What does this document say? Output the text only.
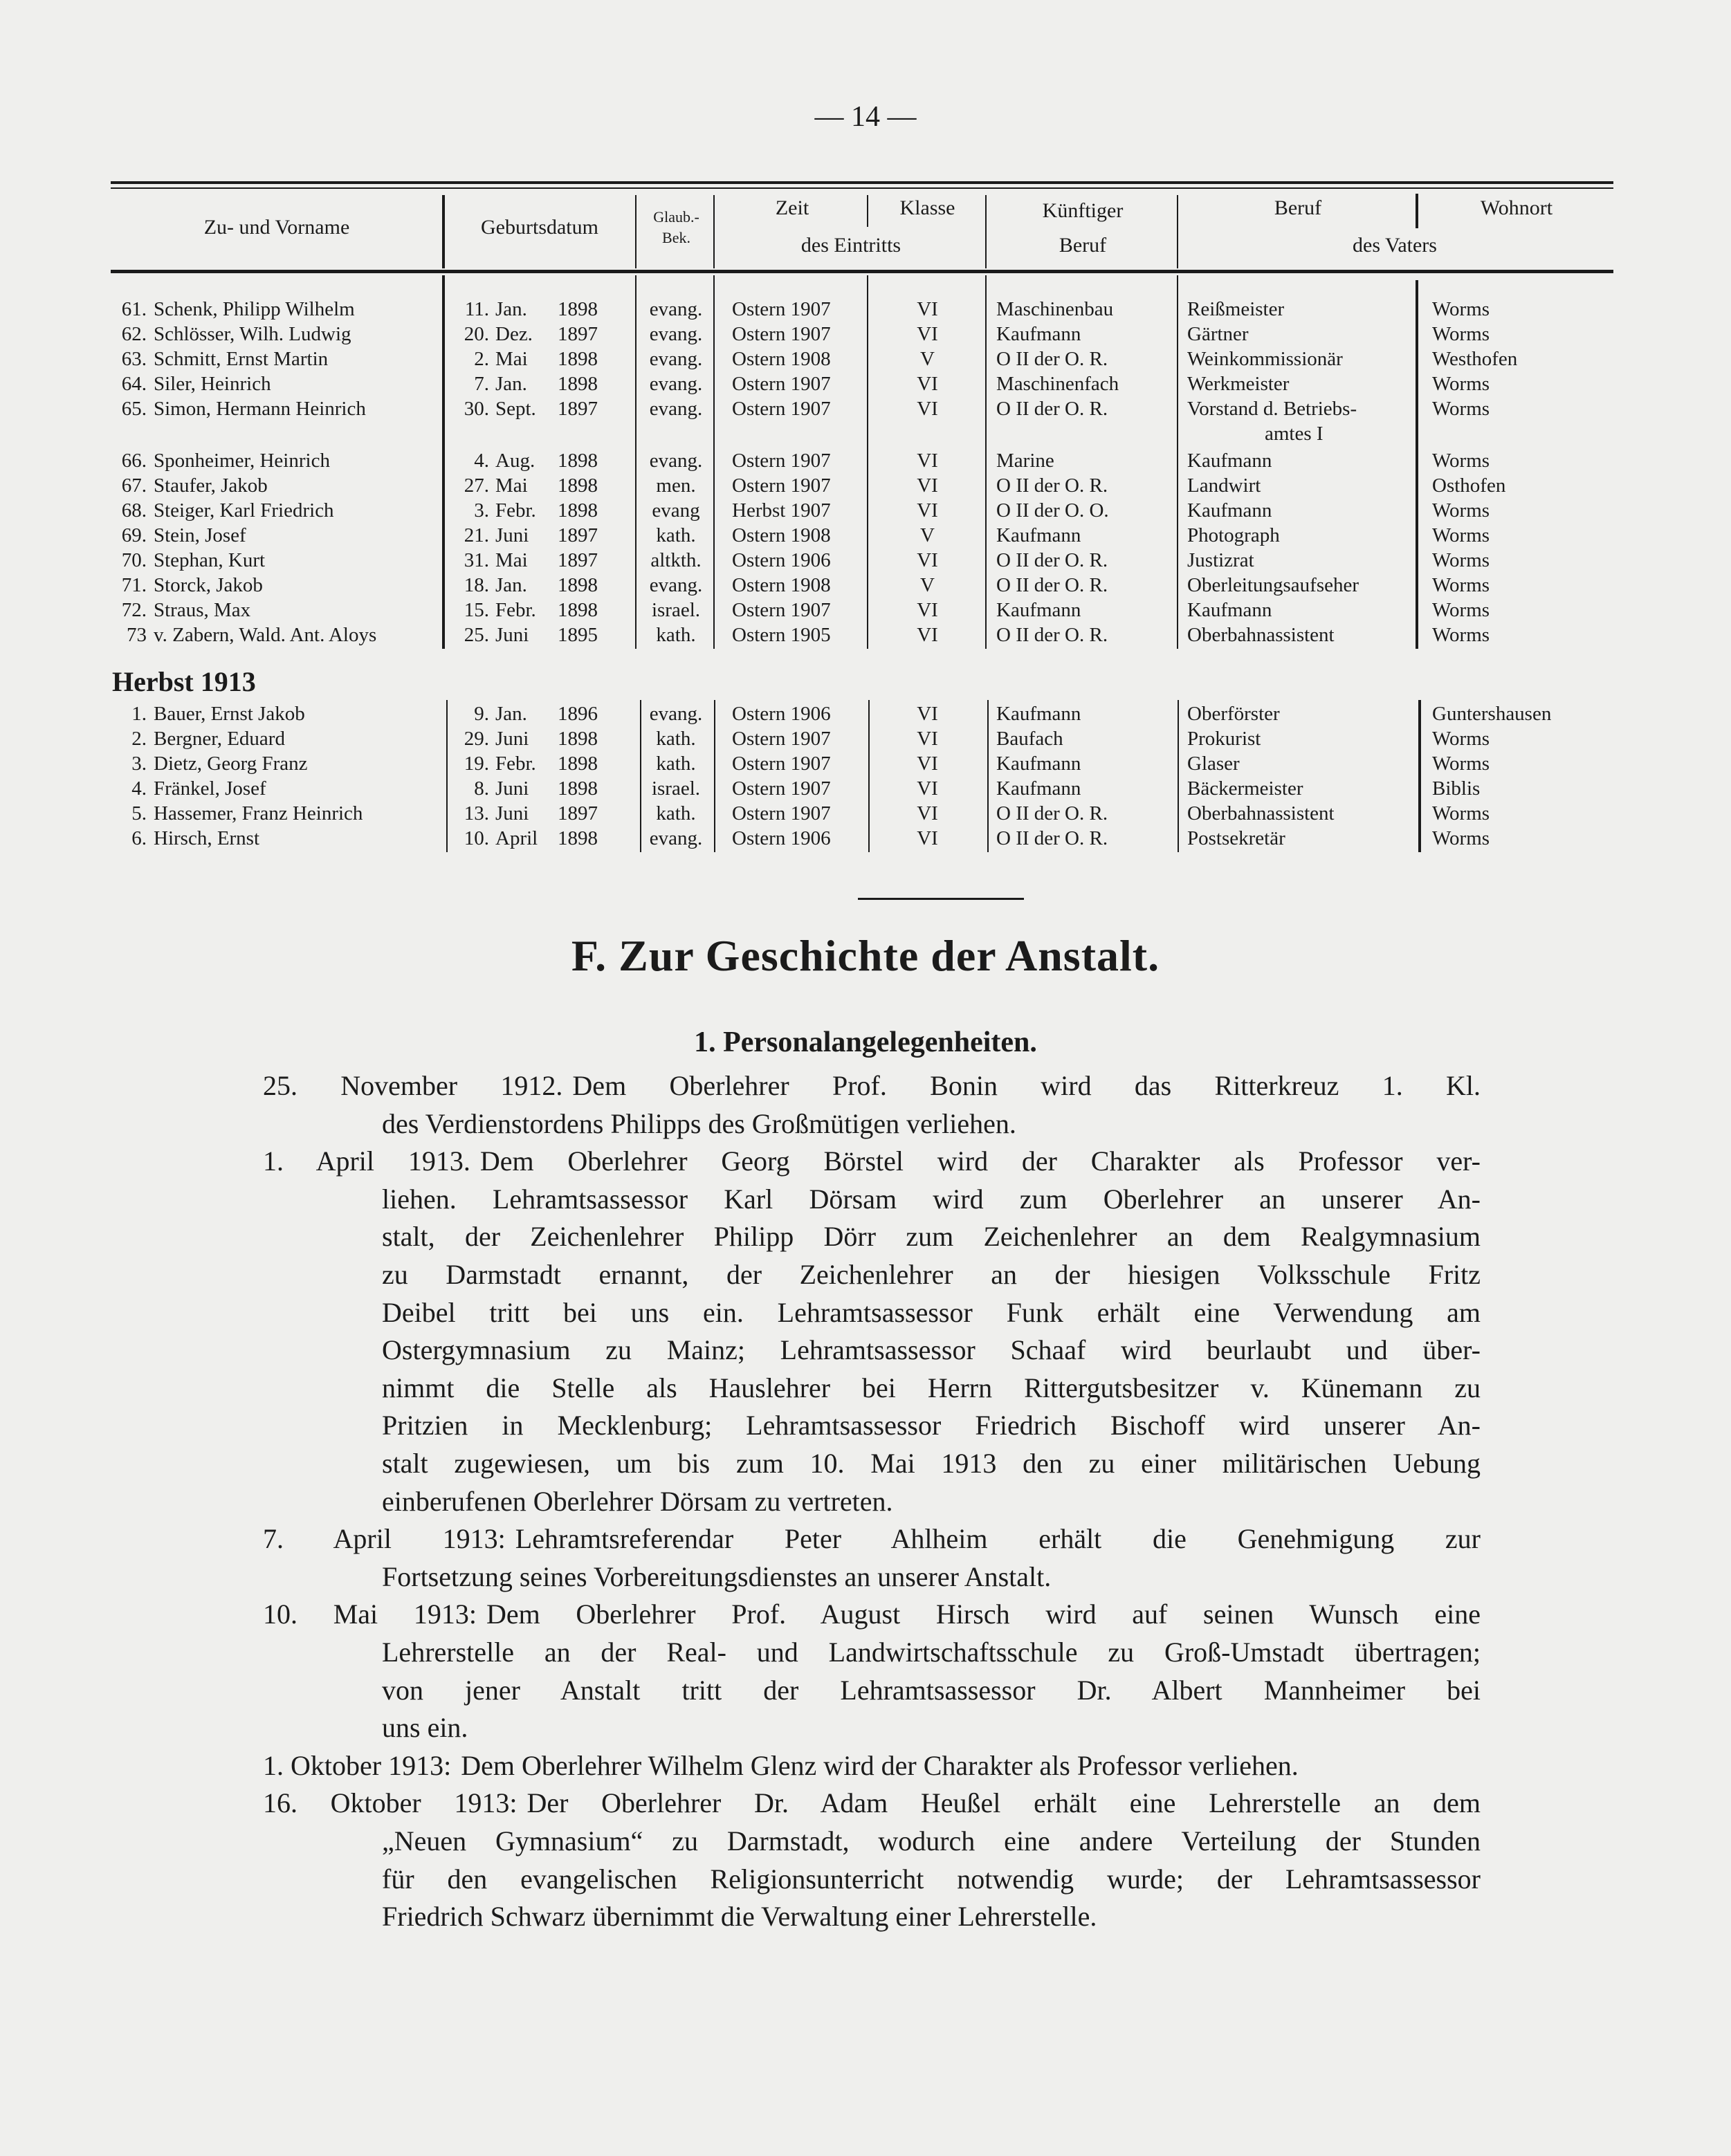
— 14 —
Zu- und Vorname	Geburtsdatum	Glaub.-
Bek.
Zeit	Klasse
des Eintritts
Künftiger
Beruf
Beruf	Wohnort
des Vaters
61. Schenk, Philipp Wilhelm	11. Jan.	1898	evang.	Ostern 1907	VI	Maschinenbau	Reißmeister	Worms
62. Schlösser, Wilh. Ludwig	20. Dez.	1897	evang.	Ostern 1907	VI	Kaufmann	Gärtner	Worms
63. Schmitt, Ernst Martin	2. Mai	1898	evang.	Ostern 1908	V	O II der O. R.	Weinkommissionär	Westhofen
64. Siler, Heinrich	7. Jan.	1898	evang.	Ostern 1907	VI	Maschinenfach	Werkmeister	Worms
65. Simon, Hermann Heinrich	30. Sept.	1897	evang.	Ostern 1907	VI	O II der O. R.	Vorstand d. Betriebs-	Worms
amtes I
66. Sponheimer, Heinrich	4. Aug.	1898	evang.	Ostern 1907	VI	Marine	Kaufmann	Worms
67. Staufer, Jakob	27. Mai	1898	men.	Ostern 1907	VI	O II der O. R.	Landwirt	Osthofen
68. Steiger, Karl Friedrich	3. Febr.	1898	evang	Herbst 1907	VI	O II der O. O.	Kaufmann	Worms
69. Stein, Josef	21. Juni	1897	kath.	Ostern 1908	V	Kaufmann	Photograph	Worms
70. Stephan, Kurt	31. Mai	1897	altkth.	Ostern 1906	VI	O II der O. R.	Justizrat	Worms
71. Storck, Jakob	18. Jan.	1898	evang.	Ostern 1908	V	O II der O. R.	Oberleitungsaufseher	Worms
72. Straus, Max	15. Febr.	1898	israel.	Ostern 1907	VI	Kaufmann	Kaufmann	Worms
73 v. Zabern, Wald. Ant. Aloys	25. Juni	1895	kath.	Ostern 1905	VI	O II der O. R.	Oberbahnassistent	Worms
Herbst 1913
1. Bauer, Ernst Jakob	9. Jan.	1896	evang.	Ostern 1906	VI	Kaufmann	Oberförster	Guntershausen
2. Bergner, Eduard	29. Juni	1898	kath.	Ostern 1907	VI	Baufach	Prokurist	Worms
3. Dietz, Georg Franz	19. Febr.	1898	kath.	Ostern 1907	VI	Kaufmann	Glaser	Worms
4. Fränkel, Josef	8. Juni	1898	israel.	Ostern 1907	VI	Kaufmann	Bäckermeister	Biblis
5. Hassemer, Franz Heinrich	13. Juni	1897	kath.	Ostern 1907	VI	O II der O. R.	Oberbahnassistent	Worms
6. Hirsch, Ernst	10. April 1898	evang.	Ostern 1906	VI	O II der O. R.	Postsekretär	Worms
F. Zur Geschichte der Anstalt.
1. Personalangelegenheiten.
25. November 1912. Dem Oberlehrer Prof. Bonin wird das Ritterkreuz 1. Kl.
des Verdienstordens Philipps des Großmütigen verliehen.
1. April 1913. Dem Oberlehrer Georg Börstel wird der Charakter als Professor ver-
liehen. Lehramtsassessor Karl Dörsam wird zum Oberlehrer an unserer An-
stalt, der Zeichenlehrer Philipp Dörr zum Zeichenlehrer an dem Realgymnasium
zu Darmstadt ernannt, der Zeichenlehrer an der hiesigen Volksschule Fritz
Deibel tritt bei uns ein. Lehramtsassessor Funk erhält eine Verwendung am
Ostergymnasium zu Mainz; Lehramtsassessor Schaaf wird beurlaubt und über-
nimmt die Stelle als Hauslehrer bei Herrn Rittergutsbesitzer v. Künemann zu
Pritzien in Mecklenburg; Lehramtsassessor Friedrich Bischoff wird unserer An-
stalt zugewiesen, um bis zum 10. Mai 1913 den zu einer militärischen Uebung
einberufenen Oberlehrer Dörsam zu vertreten.
7. April 1913: Lehramtsreferendar Peter Ahlheim erhält die Genehmigung zur
Fortsetzung seines Vorbereitungsdienstes an unserer Anstalt.
10. Mai 1913: Dem Oberlehrer Prof. August Hirsch wird auf seinen Wunsch eine
Lehrerstelle an der Real- und Landwirtschaftsschule zu Groß-Umstadt übertragen;
von jener Anstalt tritt der Lehramtsassessor Dr. Albert Mannheimer bei
uns ein.
1. Oktober 1913: Dem Oberlehrer Wilhelm Glenz wird der Charakter als Professor verliehen.
16. Oktober 1913: Der Oberlehrer Dr. Adam Heußel erhält eine Lehrerstelle an dem
„Neuen Gymnasium“ zu Darmstadt, wodurch eine andere Verteilung der Stunden
für den evangelischen Religionsunterricht notwendig wurde; der Lehramtsassessor
Friedrich Schwarz übernimmt die Verwaltung einer Lehrerstelle.
